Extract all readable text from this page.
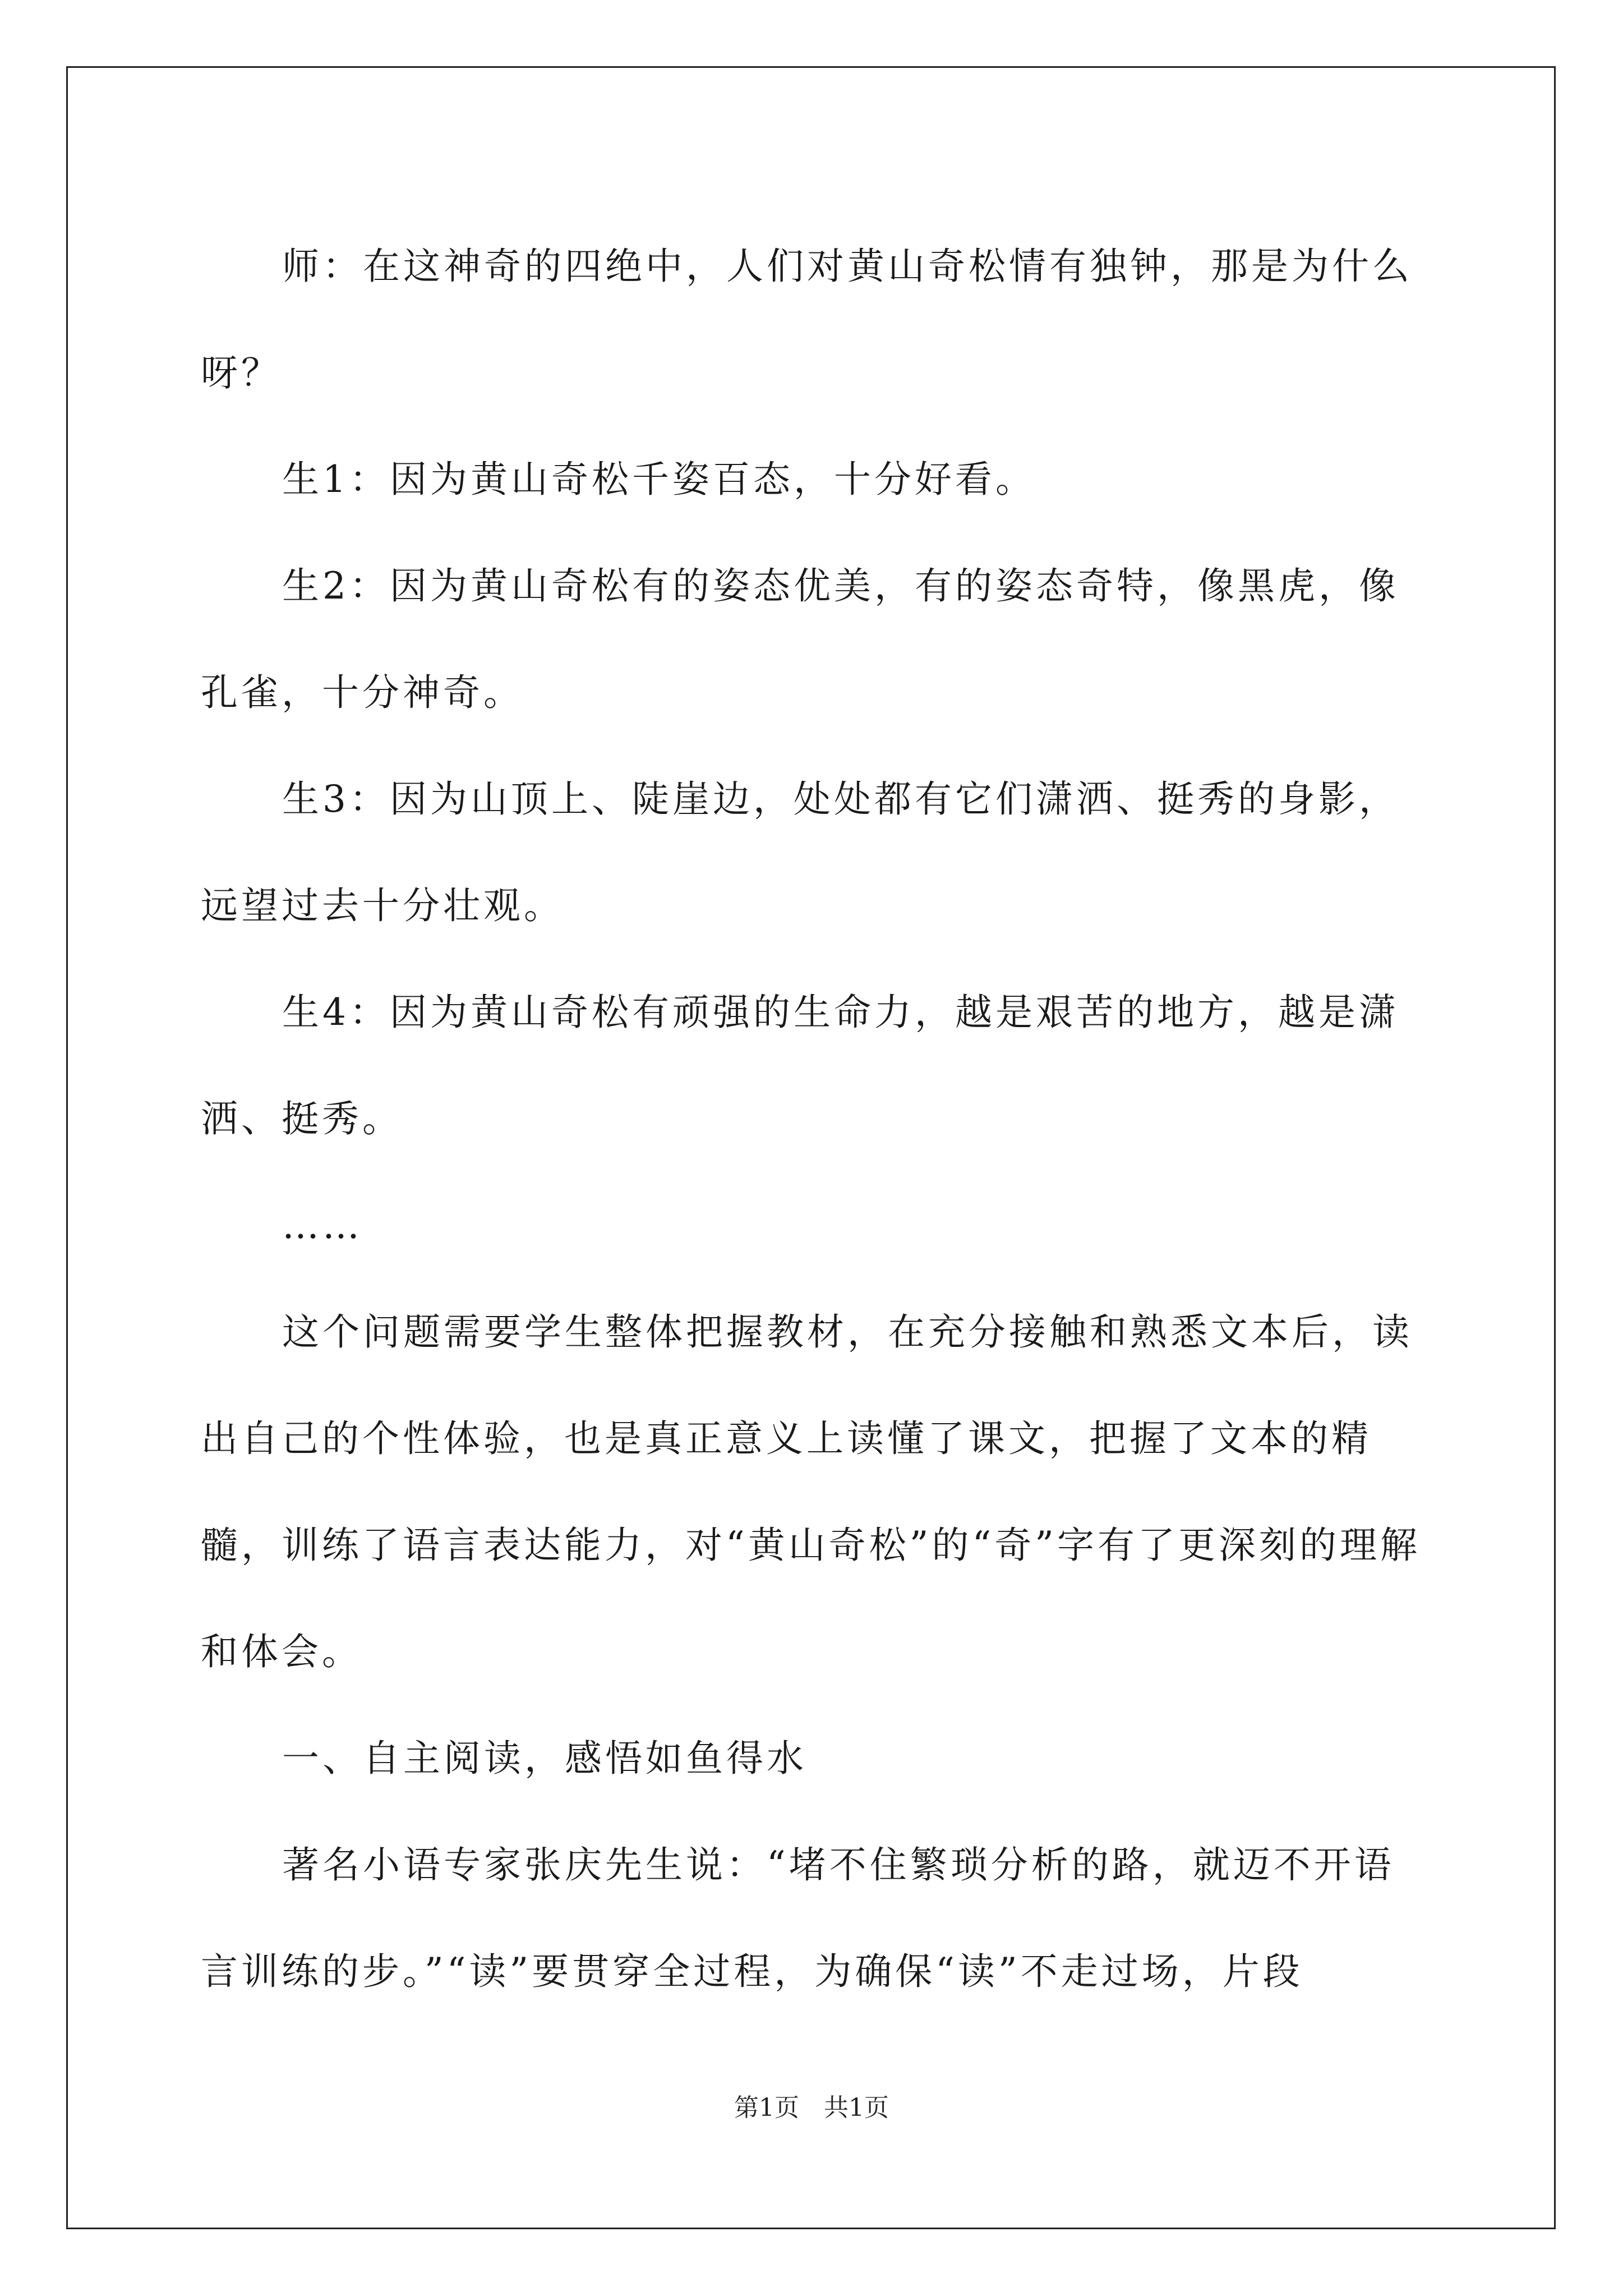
师：在这神奇的四绝中，人们对黄山奇松情有独钟，那是为什么呀？

生1：因为黄山奇松千姿百态，十分好看。

生2：因为黄山奇松有的姿态优美，有的姿态奇特，像黑虎，像孔雀，十分神奇。

生3：因为山顶上、陡崖边，处处都有它们潇洒、挺秀的身影，远望过去十分壮观。

生4：因为黄山奇松有顽强的生命力，越是艰苦的地方，越是潇洒、挺秀。

……

这个问题需要学生整体把握教材，在充分接触和熟悉文本后，读出自己的个性体验，也是真正意义上读懂了课文，把握了文本的精髓，训练了语言表达能力，对“黄山奇松”的“奇”字有了更深刻的理解和体会。

一、自主阅读，感悟如鱼得水

著名小语专家张庆先生说：“堵不住繁琐分析的路，就迈不开语言训练的步。”“读”要贯穿全过程，为确保“读”不走过场，片段

第1页 共1页
